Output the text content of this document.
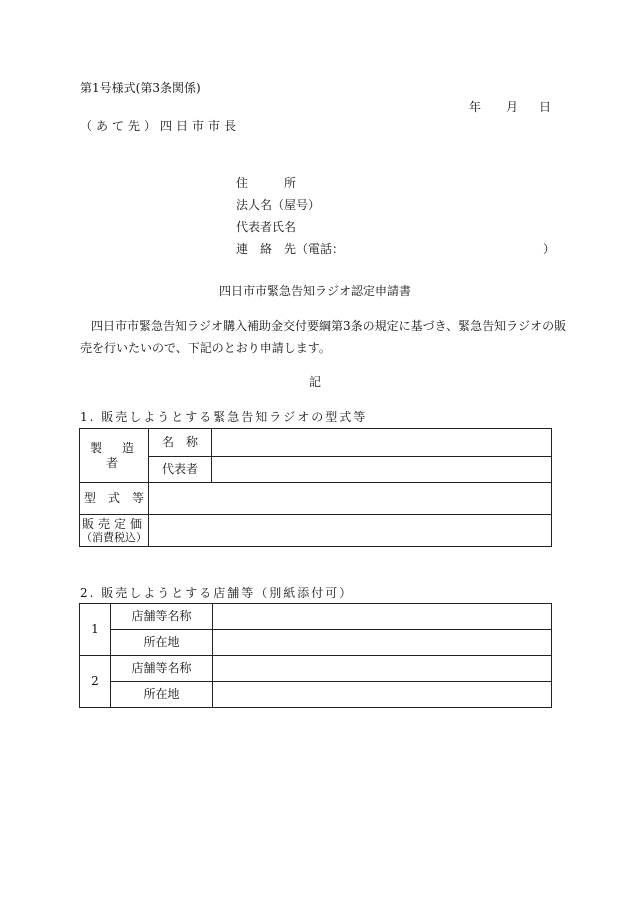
第1号様式(第3条関係)
年 月 日
（あて先）四日市市長
住　　　所
法人名（屋号）
代表者氏名
連　絡　先（電話：	）
四日市市緊急告知ラジオ認定申請書
四日市市緊急告知ラジオ購入補助金交付要綱第3条の規定に基づき、緊急告知ラジオの販
売を行いたいので、下記のとおり申請します。
記
1. 販売しようとする緊急告知ラジオの型式等
製　造　者	名　称	
	代表者	
型　式　等		

販売定価
（消費税込）		

2. 販売しようとする店舗等（別紙添付可）
1	店舗等名称	
	所在地	
2	店舗等名称	
	所在地	
